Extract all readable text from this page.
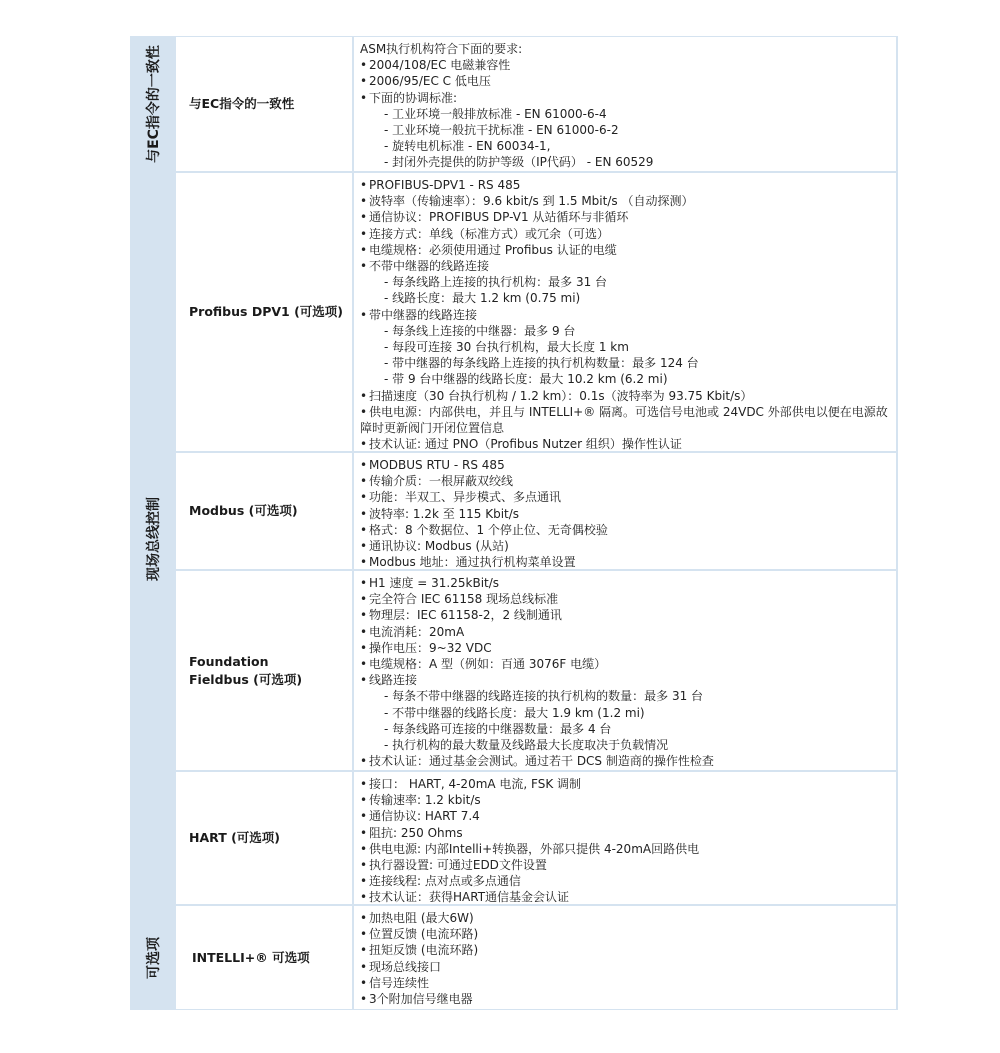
与EC指令的一致性	与EC指令的一致性
ASM执行机构符合下面的要求:
• 2004/108/EC 电磁兼容性
• 2006/95/EC C 低电压
• 下面的协调标准:
- 工业环境一般排放标准 - EN 61000-6-4
- 工业环境一般抗干扰标准 - EN 61000-6-2
- 旋转电机标准 - EN 60034-1,
- 封闭外壳提供的防护等级（IP代码） - EN 60529
现场总线控制
Profibus DPV1 (可选项)
• PROFIBUS-DPV1 - RS 485
• 波特率（传输速率）：9.6 kbit/s 到 1.5 Mbit/s （自动探测）
• 通信协议：PROFIBUS DP-V1 从站循环与非循环
• 连接方式：单线（标准方式）或冗余（可选）
• 电缆规格：必须使用通过 Profibus 认证的电缆
• 不带中继器的线路连接
- 每条线路上连接的执行机构：最多 31 台
- 线路长度：最大 1.2 km (0.75 mi)
• 带中继器的线路连接
- 每条线上连接的中继器：最多 9 台
- 每段可连接 30 台执行机构，最大长度 1 km
- 带中继器的每条线路上连接的执行机构数量：最多 124 台
- 带 9 台中继器的线路长度：最大 10.2 km (6.2 mi)
• 扫描速度（30 台执行机构 / 1.2 km）：0.1s（波特率为 93.75 Kbit/s）
• 供电电源：内部供电，并且与 INTELLI+® 隔离。可选信号电池或 24VDC 外部供电以便在电源故障时更新阀门开闭位置信息
• 技术认证: 通过 PNO（Profibus Nutzer 组织）操作性认证
Modbus (可选项)
• MODBUS RTU - RS 485
• 传输介质：一根屏蔽双绞线
• 功能：半双工、异步模式、多点通讯
• 波特率: 1.2k 至 115 Kbit/s
• 格式：8 个数据位、1 个停止位、无奇偶校验
• 通讯协议: Modbus (从站)
• Modbus 地址：通过执行机构菜单设置
Foundation Fieldbus (可选项)
• H1 速度 = 31.25kBit/s
• 完全符合 IEC 61158 现场总线标准
• 物理层：IEC 61158-2，2 线制通讯
• 电流消耗：20mA
• 操作电压：9~32 VDC
• 电缆规格：A 型（例如：百通 3076F 电缆）
• 线路连接
- 每条不带中继器的线路连接的执行机构的数量：最多 31 台
- 不带中继器的线路长度：最大 1.9 km (1.2 mi)
- 每条线路可连接的中继器数量：最多 4 台
- 执行机构的最大数量及线路最大长度取决于负载情况
• 技术认证：通过基金会测试。通过若干 DCS 制造商的操作性检查
HART (可选项)
• 接口： HART, 4-20mA 电流, FSK 调制
• 传输速率: 1.2 kbit/s
• 通信协议: HART 7.4
• 阻抗: 250 Ohms
• 供电电源: 内部Intelli+转换器，外部只提供 4-20mA回路供电
• 执行器设置: 可通过EDD文件设置
• 连接线程: 点对点或多点通信
• 技术认证：获得HART通信基金会认证
可选项	INTELLI+® 可选项
• 加热电阻 (最大6W)
• 位置反馈 (电流环路)
• 扭矩反馈 (电流环路)
• 现场总线接口
• 信号连续性
• 3个附加信号继电器
